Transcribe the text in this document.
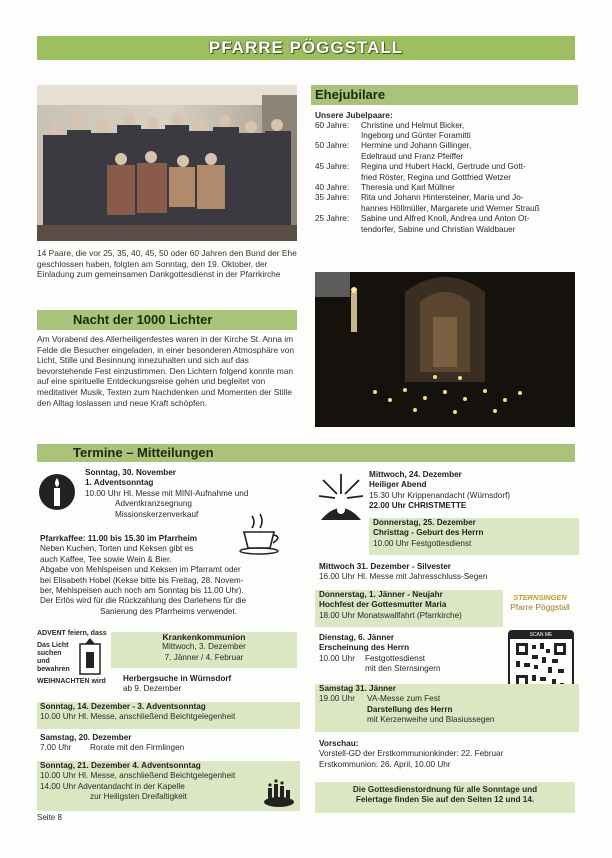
PFARRE PÖGGSTALL
Ehejubilare
Unsere Jubelpaare:
60 Jahre:	Christine und Helmut Bicker,
Ingeborg und Günter Foramitti
50 Jahre:	Hermine und Johann Gillinger,
Edeltraud und Franz Pfeiffer
45 Jahre:	Regina und Hubert Hackl, Gertrude und Gott-
fried Röster, Regina und Gottfried Wetzer
40 Jahre:	Theresia und Karl Müllner
35 Jahre:	Rita und Johann Hintersteiner, Maria und Jo-
hannes Höllmüller, Margarete und Werner Strauß
25 Jahre:	Sabine und Alfred Knoll, Andrea und Anton Ot-
tendorfer, Sabine und Christian Waldbauer
14 Paare, die vor 25, 35, 40, 45, 50 oder 60 Jahren den Bund der Ehe geschlossen haben, folgten am Sonntag, den 19. Oktober, der Einladung zum gemeinsamen Dankgottesdienst in der Pfarrkirche
Nacht der 1000 Lichter
Am Vorabend des Allerheiligenfestes waren in der Kirche St. Anna im Felde die Besucher eingeladen, in einer besonderen Atmosphäre von Licht, Stille und Besinnung innezuhalten und sich auf das bevorstehende Fest einzustimmen. Den Lichtern folgend konnte man auf eine spirituelle Entdeckungsreise gehen und begleitet von meditativer Musik, Texten zum Nachdenken und Momenten der Stille den Alltag loslassen und neue Kraft schöpfen.
Termine – Mitteilungen
Sonntag, 30. November
1. Adventsonntag
10.00 Uhr Hl. Messe mit MINI-Aufnahme und
Adventkranzsegnung
Missionskerzenverkauf
Pfarrkaffee: 11.00 bis 15.30 im Pfarrheim
Neben Kuchen, Torten und Keksen gibt es
auch Kaffee, Tee sowie Wein & Bier.
Abgabe von Mehlspeisen und Keksen im Pfarramt oder
bei Elisabeth Hobel (Kekse bitte bis Freitag, 28. Novem-
ber, Mehlspeisen auch noch am Sonntag bis 11.00 Uhr).
Der Erlös wird für die Rückzahlung des Darlehens für die
Sanierung des Pfarrheims verwendet.
ADVENT feiern, dass
Das Licht
suchen
und
bewahren
WEIHNACHTEN wird
Krankenkommunion
Mittwoch, 3. Dezember
7. Jänner / 4. Februar
Herbergsuche in Würnsdorf
ab 9. Dezember
Sonntag, 14. Dezember - 3. Adventsonntag
10.00 Uhr Hl. Messe, anschließend Beichtgelegenheit
Samstag, 20. Dezember
7.00 Uhr	Rorate mit den Firmlingen
Sonntag, 21. Dezember 4. Adventsonntag
10.00 Uhr Hl. Messe, anschließend Beichtgelegenheit
14.00 Uhr Adventandacht in der Kapelle
zur Heiligsten Dreifaltigkeit
Mittwoch, 24. Dezember
Heiliger Abend
15.30 Uhr Krippenandacht (Würnsdorf)
22.00 Uhr CHRISTMETTE
Donnerstag, 25. Dezember
Christtag - Geburt des Herrn
10.00 Uhr Festgottesdienst
Mittwoch 31. Dezember - Silvester
16.00 Uhr Hl. Messe mit Jahresschluss-Segen
Donnerstag, 1. Jänner - Neujahr
Hochfest der Gottesmutter Maria
18.00 Uhr Monatswallfahrt (Pfarrkirche)
STERNSINGEN
Pfarre Pöggstall
Dienstag, 6. Jänner
Erscheinung des Herrn
10.00 Uhr	Festgottesdienst
mit den Sternsingern
SCAN ME
Samstag 31. Jänner
19.00 Uhr	VA-Messe zum Fest
Darstellung des Herrn
mit Kerzenweihe und Blasiussegen
Vorschau:
Vorstell-GD der Erstkommunionkinder: 22. Februar
Erstkommunion: 26. April, 10.00 Uhr
Die Gottesdienstordnung für alle Sonntage und
Feiertage finden Sie auf den Seiten 12 und 14.
Seite 8
